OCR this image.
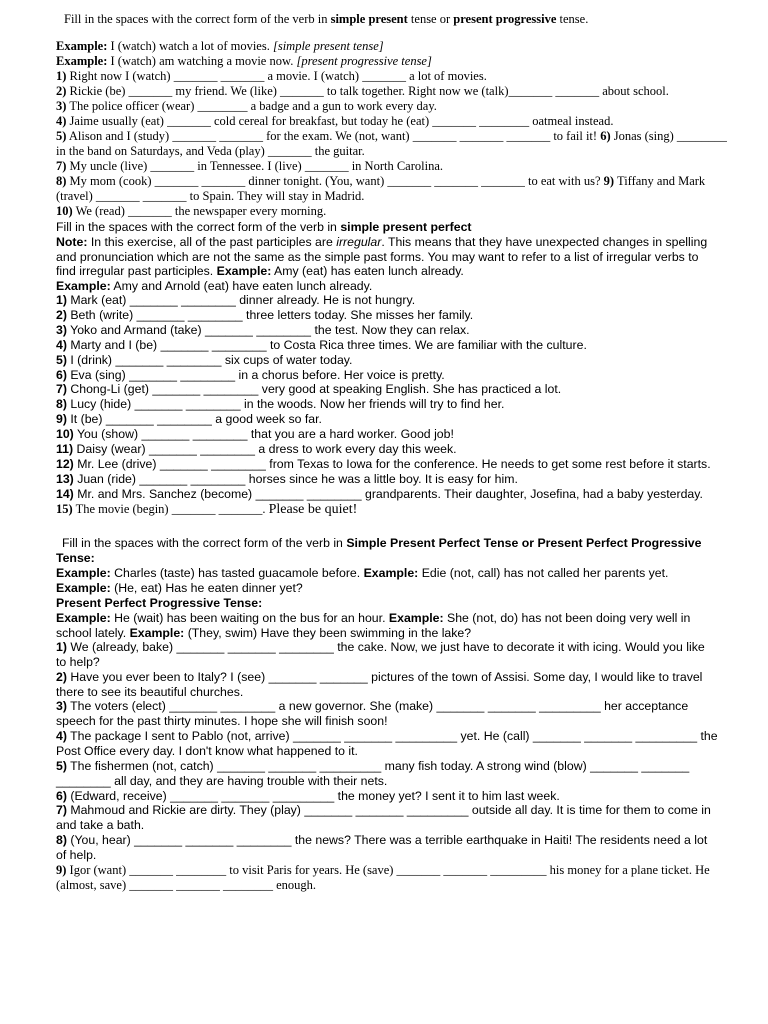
Fill in the spaces with the correct form of the verb in simple present tense or present progressive tense.
Example: I (watch) watch a lot of movies. [simple present tense]
Example: I (watch) am watching a movie now. [present progressive tense]
1) Right now I (watch) _______ _______ a movie. I (watch) _______ a lot of movies.
2) Rickie (be) _______ my friend. We (like) _______ to talk together. Right now we (talk)_______ _______ about school.
3) The police officer (wear) ________ a badge and a gun to work every day.
4) Jaime usually (eat) _______ cold cereal for breakfast, but today he (eat) _______ ________ oatmeal instead.
5) Alison and I (study) _______ _______ for the exam. We (not, want) _______ _______ _______ to fail it! 6) Jonas (sing) ________
in the band on Saturdays, and Veda (play) _______ the guitar.
7) My uncle (live) _______ in Tennessee. I (live) _______ in North Carolina.
8) My mom (cook) _______ _______ dinner tonight. (You, want) _______ _______ _______ to eat with us? 9) Tiffany and Mark
(travel) _______ _______ to Spain. They will stay in Madrid.
10) We (read) _______ the newspaper every morning.
Fill in the spaces with the correct form of the verb in simple present perfect
Note: In this exercise, all of the past participles are irregular. This means that they have unexpected changes in spelling
and pronunciation which are not the same as the simple past forms. You may want to refer to a list of irregular verbs to
find irregular past participles. Example: Amy (eat) has eaten lunch already.
Example: Amy and Arnold (eat) have eaten lunch already.
1) Mark (eat) _______ ________ dinner already. He is not hungry.
2) Beth (write) _______ ________ three letters today. She misses her family.
3) Yoko and Armand (take) _______ ________ the test. Now they can relax.
4) Marty and I (be) _______ ________ to Costa Rica three times. We are familiar with the culture.
5) I (drink) _______ ________ six cups of water today.
6) Eva (sing) _______ ________ in a chorus before. Her voice is pretty.
7) Chong-Li (get) _______ ________ very good at speaking English. She has practiced a lot.
8) Lucy (hide) _______ ________ in the woods. Now her friends will try to find her.
9) It (be) _______ ________ a good week so far.
10) You (show) _______ ________ that you are a hard worker. Good job!
11) Daisy (wear) _______ ________ a dress to work every day this week.
12) Mr. Lee (drive) _______ ________ from Texas to Iowa for the conference. He needs to get some rest before it starts.
13) Juan (ride) _______ ________ horses since he was a little boy. It is easy for him.
14) Mr. and Mrs. Sanchez (become) _______ ________ grandparents. Their daughter, Josefina, had a baby yesterday.
15) The movie (begin) _______ _______. Please be quiet!
Fill in the spaces with the correct form of the verb in Simple Present Perfect Tense or Present Perfect Progressive
Tense:
Example: Charles (taste) has tasted guacamole before. Example: Edie (not, call) has not called her parents yet.
Example: (He, eat) Has he eaten dinner yet?
Present Perfect Progressive Tense:
Example: He (wait) has been waiting on the bus for an hour. Example: She (not, do) has not been doing very well in
school lately. Example: (They, swim) Have they been swimming in the lake?
1) We (already, bake) _______ _______ ________ the cake. Now, we just have to decorate it with icing. Would you like
to help?
2) Have you ever been to Italy? I (see) _______ _______ pictures of the town of Assisi. Some day, I would like to travel
there to see its beautiful churches.
3) The voters (elect) _______ ________ a new governor. She (make) _______ _______ _________ her acceptance
speech for the past thirty minutes. I hope she will finish soon!
4) The package I sent to Pablo (not, arrive) _______ _______ _________ yet. He (call) _______ _______ _________ the
Post Office every day. I don't know what happened to it.
5) The fishermen (not, catch) _______ _______ _________ many fish today. A strong wind (blow) _______ _______
________ all day, and they are having trouble with their nets.
6) (Edward, receive) _______ _______ _________ the money yet? I sent it to him last week.
7) Mahmoud and Rickie are dirty. They (play) _______ _______ _________ outside all day. It is time for them to come in
and take a bath.
8) (You, hear) _______ _______ ________ the news? There was a terrible earthquake in Haiti! The residents need a lot
of help.
9) Igor (want) _______ ________ to visit Paris for years. He (save) _______ _______ _________ his money for a plane ticket. He
(almost, save) _______ _______ ________ enough.
